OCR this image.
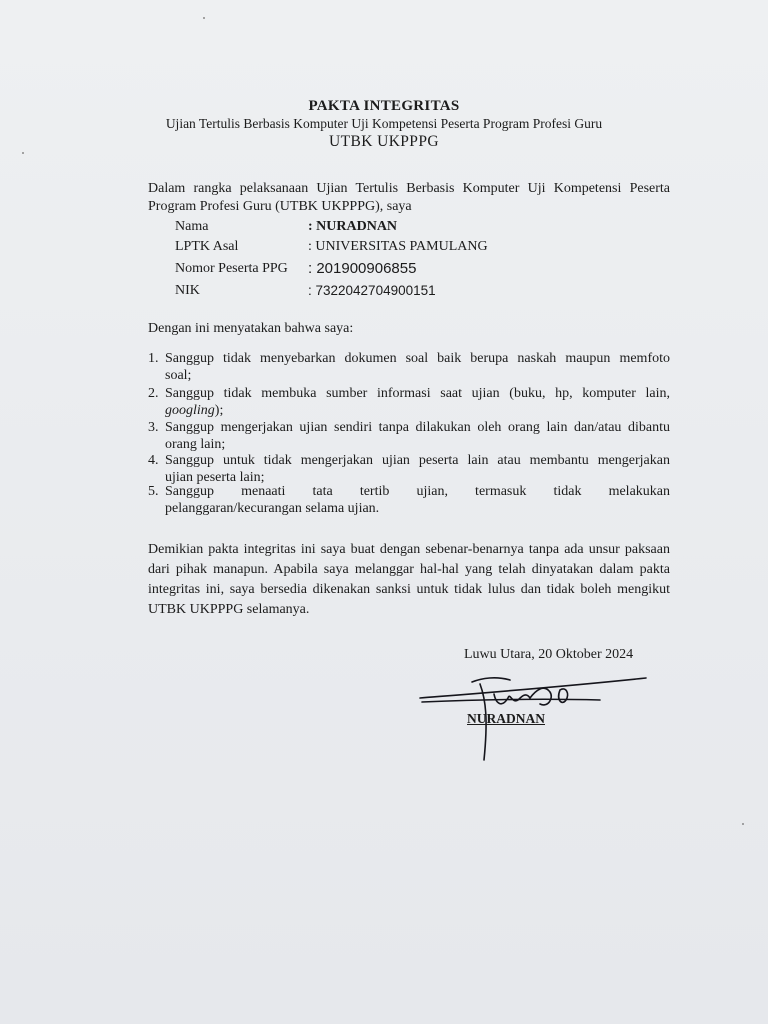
PAKTA INTEGRITAS
Ujian Tertulis Berbasis Komputer Uji Kompetensi Peserta Program Profesi Guru
UTBK UKPPPG
Dalam rangka pelaksanaan Ujian Tertulis Berbasis Komputer Uji Kompetensi Peserta Program Profesi Guru (UTBK UKPPPG), saya
Nama	: NURADNAN
LPTK Asal	: UNIVERSITAS PAMULANG
Nomor Peserta PPG : 201900906855
NIK	: 7322042704900151
Dengan ini menyatakan bahwa saya:
1. Sanggup tidak menyebarkan dokumen soal baik berupa naskah maupun memfoto
soal;
2. Sanggup tidak membuka sumber informasi saat ujian (buku, hp, komputer lain,
googling);
3. Sanggup mengerjakan ujian sendiri tanpa dilakukan oleh orang lain dan/atau dibantu
orang lain;
4. Sanggup untuk tidak mengerjakan ujian peserta lain atau membantu mengerjakan
ujian peserta lain;
5. Sanggup menaati tata tertib ujian, termasuk tidak melakukan
pelanggaran/kecurangan selama ujian.
Demikian pakta integritas ini saya buat dengan sebenar-benarnya tanpa ada unsur paksaan dari pihak manapun. Apabila saya melanggar hal-hal yang telah dinyatakan dalam pakta integritas ini, saya bersedia dikenakan sanksi untuk tidak lulus dan tidak boleh mengikut UTBK UKPPPG selamanya.
Luwu Utara, 20 Oktober 2024
NURADNAN
